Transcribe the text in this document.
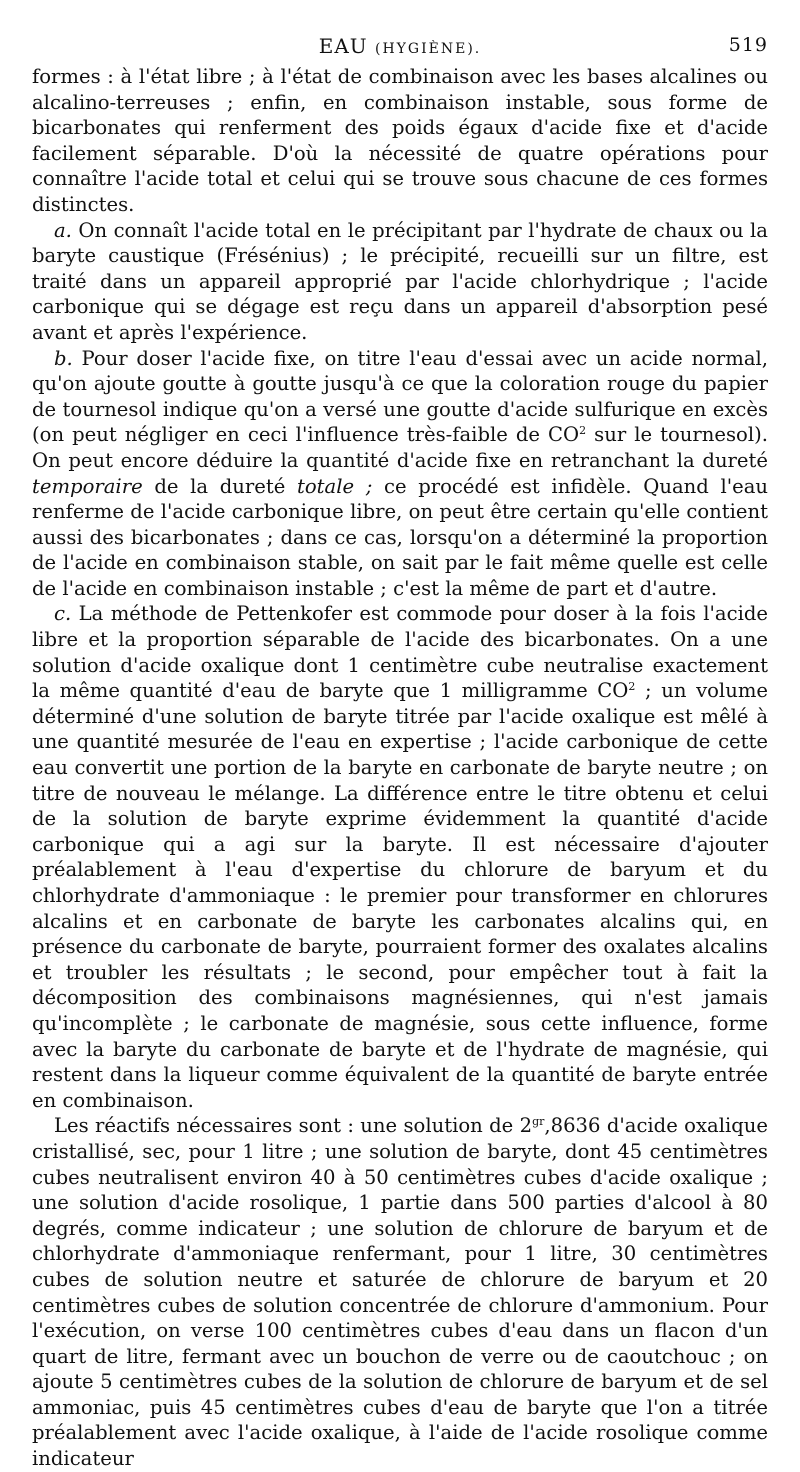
EAU (HYGIÈNE).	519

formes : à l'état libre ; à l'état de combinaison avec les bases alcalines ou alcalino-terreuses ; enfin, en combinaison instable, sous forme de bicarbonates qui renferment des poids égaux d'acide fixe et d'acide facilement séparable. D'où la nécessité de quatre opérations pour connaître l'acide total et celui qui se trouve sous chacune de ces formes distinctes.

a. On connaît l'acide total en le précipitant par l'hydrate de chaux ou la baryte caustique (Frésénius) ; le précipité, recueilli sur un filtre, est traité dans un appareil approprié par l'acide chlorhydrique ; l'acide carbonique qui se dégage est reçu dans un appareil d'absorption pesé avant et après l'expérience.

b. Pour doser l'acide fixe, on titre l'eau d'essai avec un acide normal, qu'on ajoute goutte à goutte jusqu'à ce que la coloration rouge du papier de tournesol indique qu'on a versé une goutte d'acide sulfurique en excès (on peut négliger en ceci l'influence très-faible de $CO^2$ sur le tournesol). On peut encore déduire la quantité d'acide fixe en retranchant la dureté temporaire de la dureté totale ; ce procédé est infidèle. Quand l'eau renferme de l'acide carbonique libre, on peut être certain qu'elle contient aussi des bicarbonates ; dans ce cas, lorsqu'on a déterminé la proportion de l'acide en combinaison stable, on sait par le fait même quelle est celle de l'acide en combinaison instable ; c'est la même de part et d'autre.

c. La méthode de Pettenkofer est commode pour doser à la fois l'acide libre et la proportion séparable de l'acide des bicarbonates. On a une solution d'acide oxalique dont 1 centimètre cube neutralise exactement la même quantité d'eau de baryte que 1 milligramme $CO^2$ ; un volume déterminé d'une solution de baryte titrée par l'acide oxalique est mêlé à une quantité mesurée de l'eau en expertise ; l'acide carbonique de cette eau convertit une portion de la baryte en carbonate de baryte neutre ; on titre de nouveau le mélange. La différence entre le titre obtenu et celui de la solution de baryte exprime évidemment la quantité d'acide carbonique qui a agi sur la baryte. Il est nécessaire d'ajouter préalablement à l'eau d'expertise du chlorure de baryum et du chlorhydrate d'ammoniaque : le premier pour transformer en chlorures alcalins et en carbonate de baryte les carbonates alcalins qui, en présence du carbonate de baryte, pourraient former des oxalates alcalins et troubler les résultats ; le second, pour empêcher tout à fait la décomposition des combinaisons magnésiennes, qui n'est jamais qu'incomplète ; le carbonate de magnésie, sous cette influence, forme avec la baryte du carbonate de baryte et de l'hydrate de magnésie, qui restent dans la liqueur comme équivalent de la quantité de baryte entrée en combinaison.

Les réactifs nécessaires sont : une solution de $2^{gr},8636$ d'acide oxalique cristallisé, sec, pour 1 litre ; une solution de baryte, dont 45 centimètres cubes neutralisent environ 40 à 50 centimètres cubes d'acide oxalique ; une solution d'acide rosolique, 1 partie dans 500 parties d'alcool à 80 degrés, comme indicateur ; une solution de chlorure de baryum et de chlorhydrate d'ammoniaque renfermant, pour 1 litre, 30 centimètres cubes de solution neutre et saturée de chlorure de baryum et 20 centimètres cubes de solution concentrée de chlorure d'ammonium. Pour l'exécution, on verse 100 centimètres cubes d'eau dans un flacon d'un quart de litre, fermant avec un bouchon de verre ou de caoutchouc ; on ajoute 5 centimètres cubes de la solution de chlorure de baryum et de sel ammoniac, puis 45 centimètres cubes d'eau de baryte que l'on a titrée préalablement avec l'acide oxalique, à l'aide de l'acide rosolique comme indicateur
